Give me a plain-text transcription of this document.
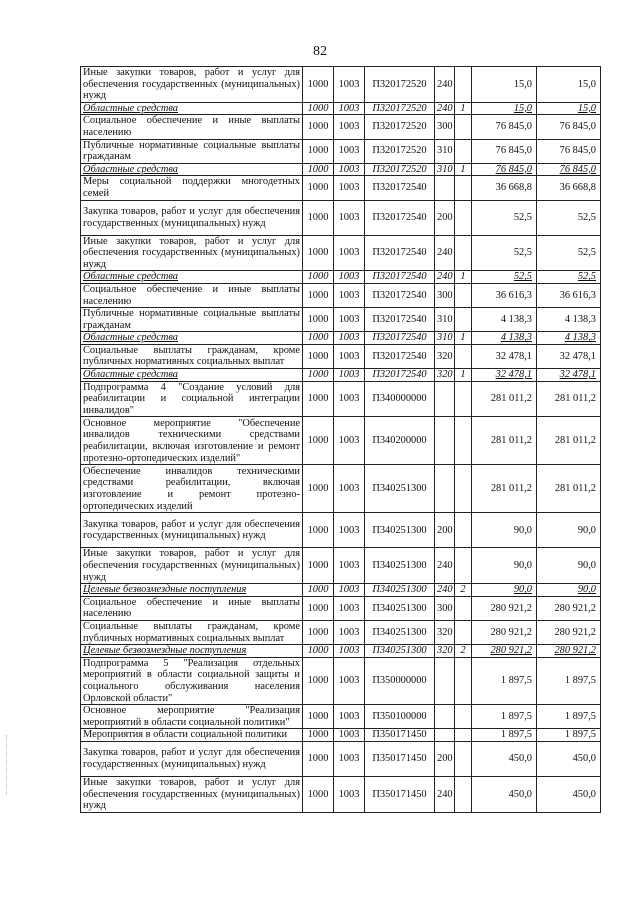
82
Иные закупки товаров, работ и услуг для обеспечения государственных (муниципальных) нужд	1000	1003	П320172520	240		15,0	15,0
Областные средства	1000	1003	П320172520	240	1	15,0	15,0
Социальное обеспечение и иные выплаты населению	1000	1003	П320172520	300		76 845,0	76 845,0
Публичные нормативные социальные выплаты гражданам	1000	1003	П320172520	310		76 845,0	76 845,0
Областные средства	1000	1003	П320172520	310	1	76 845,0	76 845,0
Меры социальной поддержки многодетных семей	1000	1003	П320172540			36 668,8	36 668,8
Закупка товаров, работ и услуг для обеспечения государственных (муниципальных) нужд	1000	1003	П320172540	200		52,5	52,5
Иные закупки товаров, работ и услуг для обеспечения государственных (муниципальных) нужд	1000	1003	П320172540	240		52,5	52,5
Областные средства	1000	1003	П320172540	240	1	52,5	52,5
Социальное обеспечение и иные выплаты населению	1000	1003	П320172540	300		36 616,3	36 616,3
Публичные нормативные социальные выплаты гражданам	1000	1003	П320172540	310		4 138,3	4 138,3
Областные средства	1000	1003	П320172540	310	1	4 138,3	4 138,3
Социальные выплаты гражданам, кроме публичных нормативных социальных выплат	1000	1003	П320172540	320		32 478,1	32 478,1
Областные средства	1000	1003	П320172540	320	1	32 478,1	32 478,1
Подпрограмма 4 "Создание условий для реабилитации и социальной интеграции инвалидов"	1000	1003	П340000000			281 011,2	281 011,2
Основное мероприятие "Обеспечение инвалидов техническими средствами реабилитации, включая изготовление и ремонт протезно-ортопедических изделий"	1000	1003	П340200000			281 011,2	281 011,2
Обеспечение инвалидов техническими средствами реабилитации, включая изготовление и ремонт протезно-ортопедических изделий	1000	1003	П340251300			281 011,2	281 011,2
Закупка товаров, работ и услуг для обеспечения государственных (муниципальных) нужд	1000	1003	П340251300	200		90,0	90,0
Иные закупки товаров, работ и услуг для обеспечения государственных (муниципальных) нужд	1000	1003	П340251300	240		90,0	90,0
Целевые безвозмездные поступления	1000	1003	П340251300	240	2	90,0	90,0
Социальное обеспечение и иные выплаты населению	1000	1003	П340251300	300		280 921,2	280 921,2
Социальные выплаты гражданам, кроме публичных нормативных социальных выплат	1000	1003	П340251300	320		280 921,2	280 921,2
Целевые безвозмездные поступления	1000	1003	П340251300	320	2	280 921,2	280 921,2
Подпрограмма 5 "Реализация отдельных мероприятий в области социальной защиты и социального обслуживания населения Орловской области"	1000	1003	П350000000			1 897,5	1 897,5
Основное мероприятие "Реализация мероприятий в области социальной политики"	1000	1003	П350100000			1 897,5	1 897,5
Мероприятия в области социальной политики	1000	1003	П350171450			1 897,5	1 897,5
Закупка товаров, работ и услуг для обеспечения государственных (муниципальных) нужд	1000	1003	П350171450	200		450,0	450,0
Иные закупки товаров, работ и услуг для обеспечения государственных (муниципальных) нужд	1000	1003	П350171450	240		450,0	450,0
